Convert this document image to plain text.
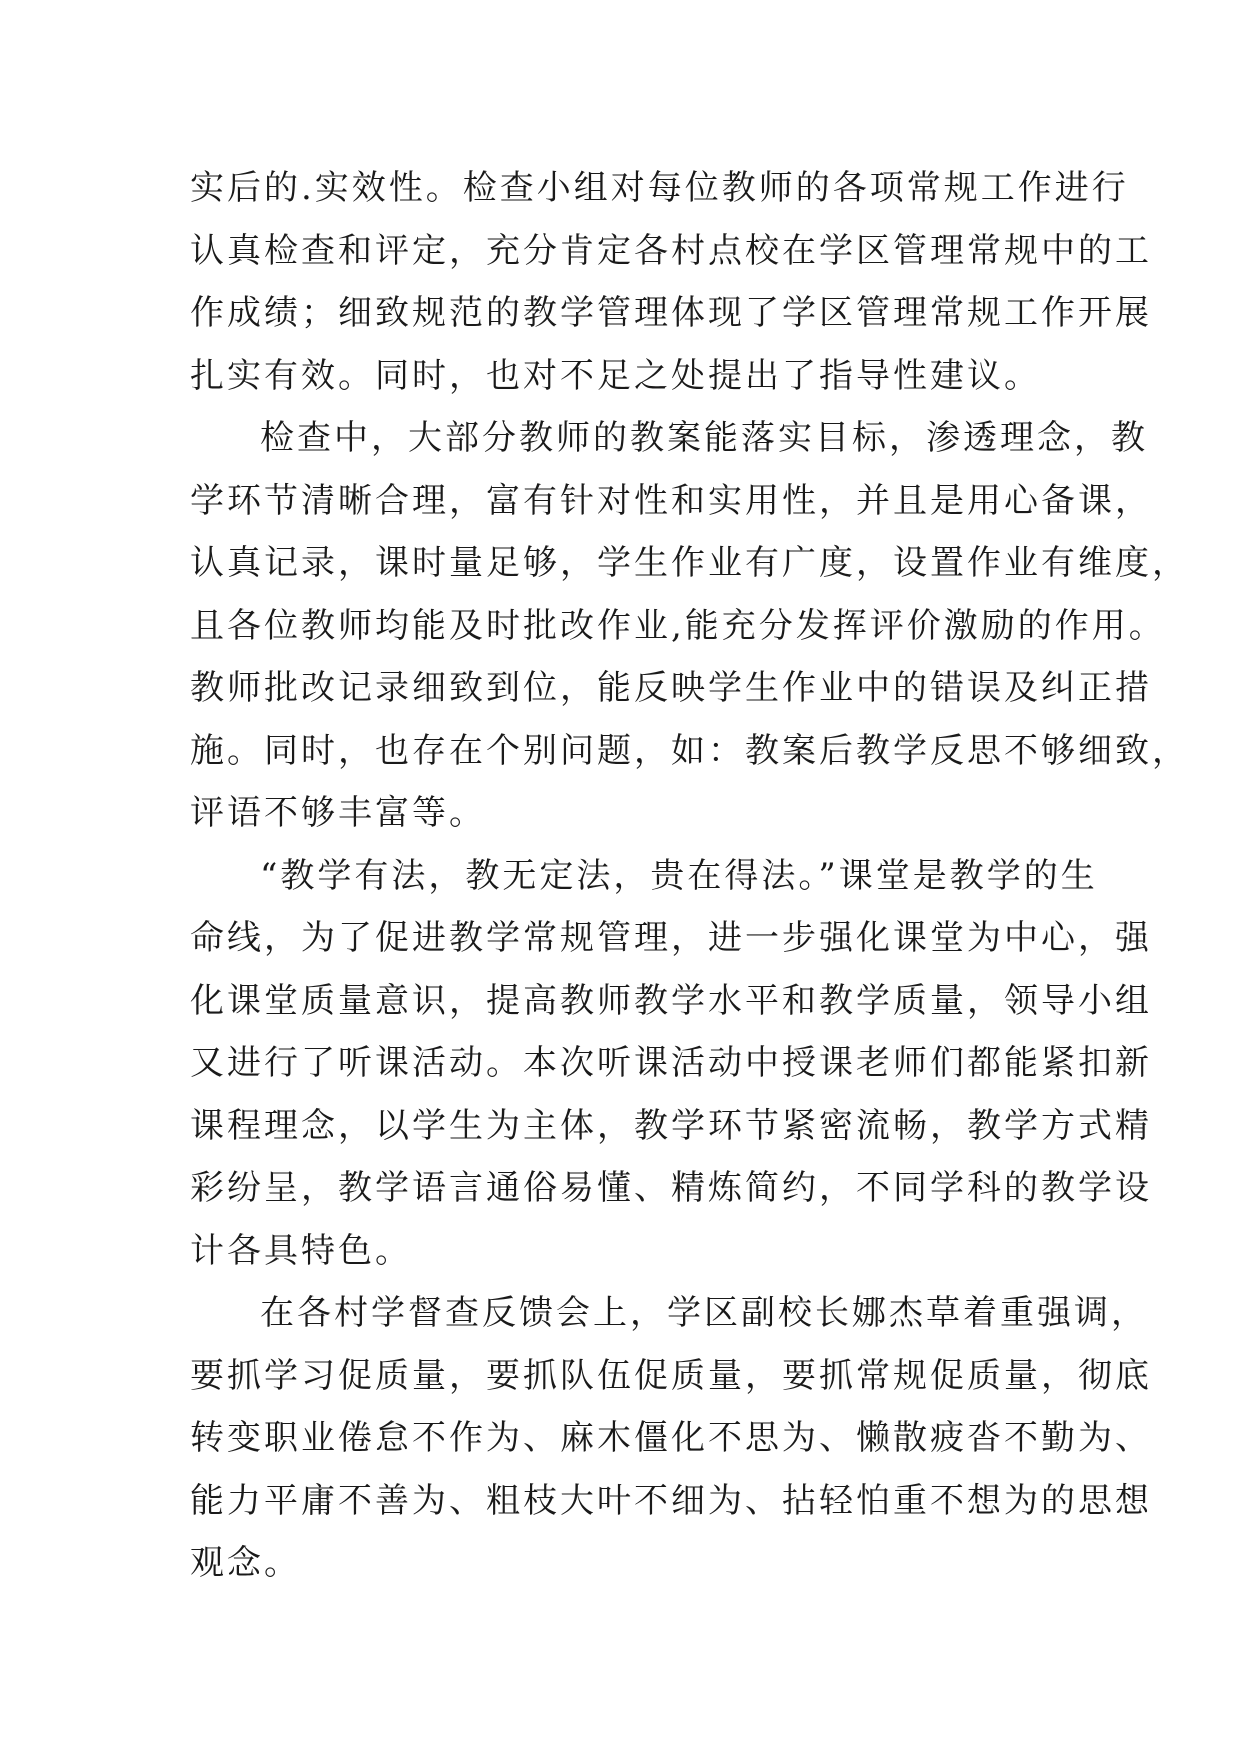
实后的.实效性。检查小组对每位教师的各项常规工作进行
认真检查和评定，充分肯定各村点校在学区管理常规中的工
作成绩；细致规范的教学管理体现了学区管理常规工作开展
扎实有效。同时，也对不足之处提出了指导性建议。
检查中，大部分教师的教案能落实目标，渗透理念，教
学环节清晰合理，富有针对性和实用性，并且是用心备课，
认真记录，课时量足够，学生作业有广度，设置作业有维度，
且各位教师均能及时批改作业,能充分发挥评价激励的作用。
教师批改记录细致到位，能反映学生作业中的错误及纠正措
施。同时，也存在个别问题，如：教案后教学反思不够细致，
评语不够丰富等。
“教学有法，教无定法，贵在得法。”课堂是教学的生
命线，为了促进教学常规管理，进一步强化课堂为中心，强
化课堂质量意识，提高教师教学水平和教学质量，领导小组
又进行了听课活动。本次听课活动中授课老师们都能紧扣新
课程理念，以学生为主体，教学环节紧密流畅，教学方式精
彩纷呈，教学语言通俗易懂、精炼简约，不同学科的教学设
计各具特色。
在各村学督查反馈会上，学区副校长娜杰草着重强调，
要抓学习促质量，要抓队伍促质量，要抓常规促质量，彻底
转变职业倦怠不作为、麻木僵化不思为、懒散疲沓不勤为、
能力平庸不善为、粗枝大叶不细为、拈轻怕重不想为的思想
观念。
